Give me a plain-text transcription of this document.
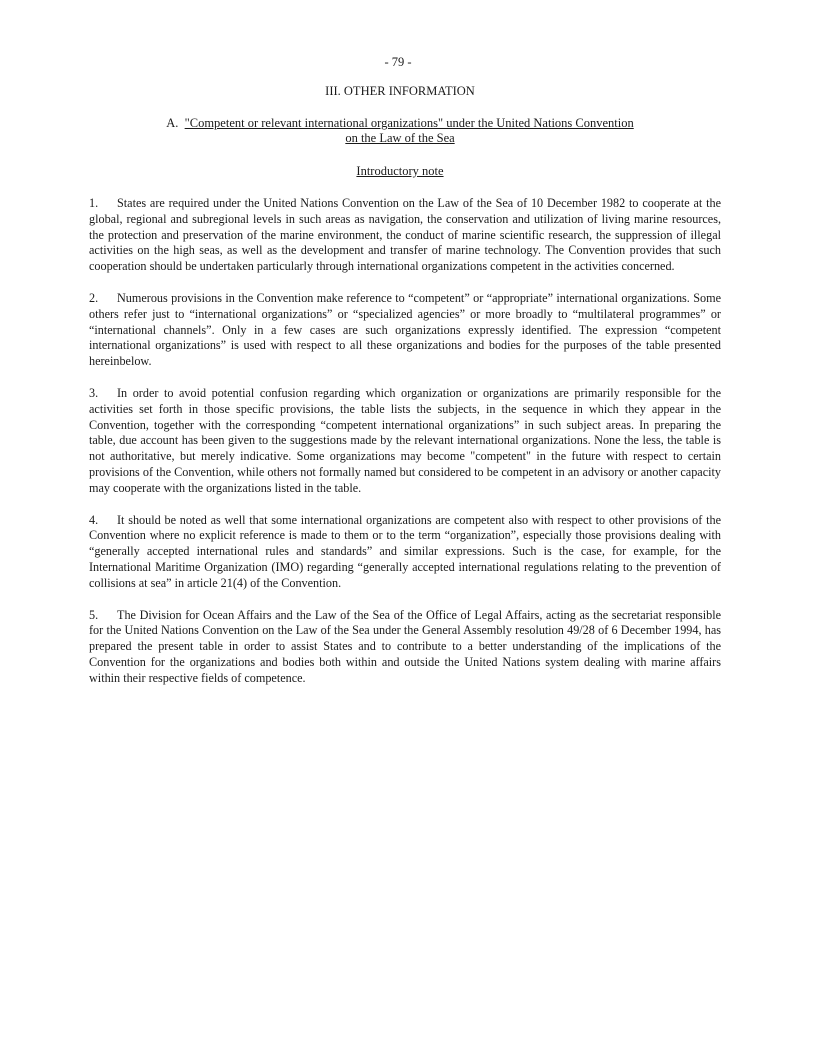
- 79 -
III. OTHER INFORMATION
A. "Competent or relevant international organizations" under the United Nations Convention
on the Law of the Sea
Introductory note

1. States are required under the United Nations Convention on the Law of the Sea of 10 December 1982 to cooperate at the global, regional and subregional levels in such areas as navigation, the conservation and utilization of living marine resources, the protection and preservation of the marine environment, the conduct of marine scientific research, the suppression of illegal activities on the high seas, as well as the development and transfer of marine technology. The Convention provides that such cooperation should be undertaken particularly through international organizations competent in the activities concerned.

2. Numerous provisions in the Convention make reference to “competent” or “appropriate” international organizations. Some others refer just to “international organizations” or “specialized agencies” or more broadly to “multilateral programmes” or “international channels”. Only in a few cases are such organizations expressly identified. The expression “competent international organizations” is used with respect to all these organizations and bodies for the purposes of the table presented hereinbelow.

3. In order to avoid potential confusion regarding which organization or organizations are primarily responsible for the activities set forth in those specific provisions, the table lists the subjects, in the sequence in which they appear in the Convention, together with the corresponding “competent international organizations” in such subject areas. In preparing the table, due account has been given to the suggestions made by the relevant international organizations. None the less, the table is not authoritative, but merely indicative. Some organizations may become "competent" in the future with respect to certain provisions of the Convention, while others not formally named but considered to be competent in an advisory or another capacity may cooperate with the organizations listed in the table.

4. It should be noted as well that some international organizations are competent also with respect to other provisions of the Convention where no explicit reference is made to them or to the term “organization”, especially those provisions dealing with “generally accepted international rules and standards” and similar expressions. Such is the case, for example, for the International Maritime Organization (IMO) regarding “generally accepted international regulations relating to the prevention of collisions at sea” in article 21(4) of the Convention.

5. The Division for Ocean Affairs and the Law of the Sea of the Office of Legal Affairs, acting as the secretariat responsible for the United Nations Convention on the Law of the Sea under the General Assembly resolution 49/28 of 6 December 1994, has prepared the present table in order to assist States and to contribute to a better understanding of the implications of the Convention for the organizations and bodies both within and outside the United Nations system dealing with marine affairs within their respective fields of competence.
